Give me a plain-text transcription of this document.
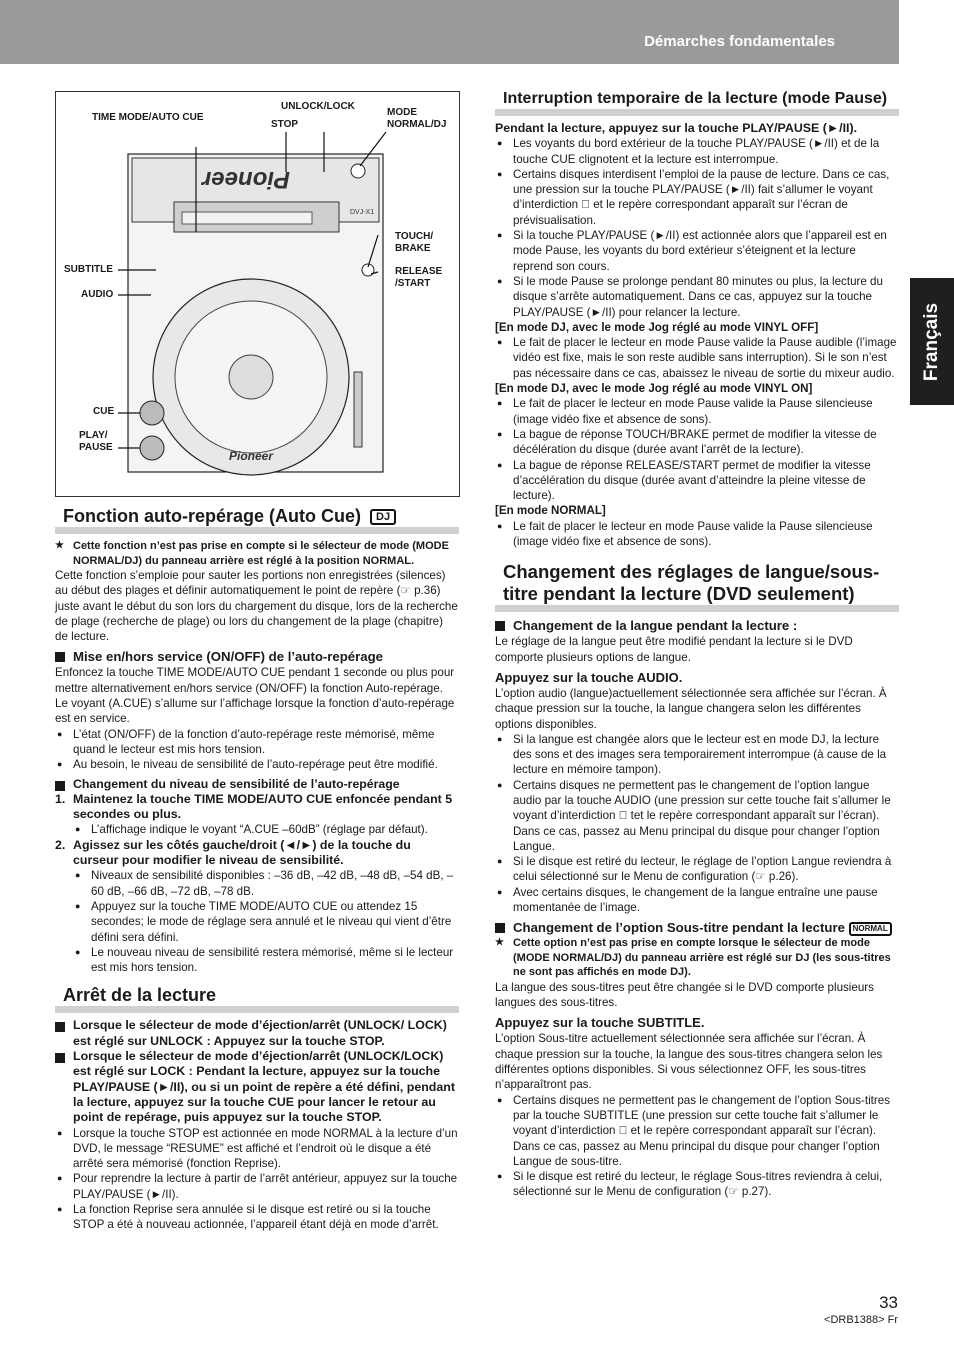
Démarches fondamentales
Français
Pioneer
Pioneer
DVJ-X1
TIME MODE/AUTO CUE
UNLOCK/LOCK
STOP
MODE NORMAL/DJ
TOUCH/ BRAKE
RELEASE /START
SUBTITLE
AUDIO
CUE
PLAY/ PAUSE
Fonction auto-repérage (Auto Cue) DJ

★ Cette fonction n’est pas prise en compte si le sélecteur de mode (MODE NORMAL/DJ) du panneau arrière est réglé à la position NORMAL.

Cette fonction s’emploie pour sauter les portions non enregistrées (silences) au début des plages et définir automatiquement le point de repère (☞ p.36) juste avant le début du son lors du chargement du disque, lors de la recherche de plage (recherche de plage) ou lors du changement de la plage (chapitre) de lecture.

Mise en/hors service (ON/OFF) de l’auto-repérage

Enfoncez la touche TIME MODE/AUTO CUE pendant 1 seconde ou plus pour mettre alternativement en/hors service (ON/OFF) la fonction Auto-repérage. Le voyant (A.CUE) s’allume sur l’affichage lorsque la fonction d’auto-repérage est en service.

● L’état (ON/OFF) de la fonction d’auto-repérage reste mémorisé, même quand le lecteur est mis hors tension.

● Au besoin, le niveau de sensibilité de l’auto-repérage peut être modifié.

Changement du niveau de sensibilité de l’auto-repérage

1. Maintenez la touche TIME MODE/AUTO CUE enfoncée pendant 5 secondes ou plus.

● L’affichage indique le voyant “A.CUE –60dB” (réglage par défaut).

2. Agissez sur les côtés gauche/droit (◄/►) de la touche du curseur pour modifier le niveau de sensibilité.

● Niveaux de sensibilité disponibles : –36 dB, –42 dB, –48 dB, –54 dB, –60 dB, –66 dB, –72 dB, –78 dB.

● Appuyez sur la touche TIME MODE/AUTO CUE ou attendez 15 secondes; le mode de réglage sera annulé et le niveau qui vient d’être défini sera défini.

● Le nouveau niveau de sensibilité restera mémorisé, même si le lecteur est mis hors tension.

Arrêt de la lecture

Lorsque le sélecteur de mode d’éjection/arrêt (UNLOCK/ LOCK) est réglé sur UNLOCK : Appuyez sur la touche STOP.

Lorsque le sélecteur de mode d’éjection/arrêt (UNLOCK/LOCK) est réglé sur LOCK : Pendant la lecture, appuyez sur la touche PLAY/PAUSE (►/II), ou si un point de repère a été défini, pendant la lecture, appuyez sur la touche CUE pour lancer le retour au point de repérage, puis appuyez sur la touche STOP.

● Lorsque la touche STOP est actionnée en mode NORMAL à la lecture d’un DVD, le message “RESUME” est affiché et l’endroit où le disque a été arrêté sera mémorisé (fonction Reprise).

● Pour reprendre la lecture à partir de l’arrêt antérieur, appuyez sur la touche PLAY/PAUSE (►/II).

● La fonction Reprise sera annulée si le disque est retiré ou si la touche STOP a été à nouveau actionnée, l’appareil étant déjà en mode d’arrêt.

Interruption temporaire de la lecture (mode Pause)

Pendant la lecture, appuyez sur la touche PLAY/PAUSE (►/II).

● Les voyants du bord extérieur de la touche PLAY/PAUSE (►/II) et de la touche CUE clignotent et la lecture est interrompue.

● Certains disques interdisent l’emploi de la pause de lecture. Dans ce cas, une pression sur la touche PLAY/PAUSE (►/II) fait s’allumer le voyant d’interdiction ⃠ et le repère correspondant apparaît sur l’écran de prévisualisation.

● Si la touche PLAY/PAUSE (►/II) est actionnée alors que l’appareil est en mode Pause, les voyants du bord extérieur s’éteignent et la lecture reprend son cours.

● Si le mode Pause se prolonge pendant 80 minutes ou plus, la lecture du disque s’arrête automatiquement. Dans ce cas, appuyez sur la touche PLAY/PAUSE (►/II) pour relancer la lecture.

[En mode DJ, avec le mode Jog réglé au mode VINYL OFF]

● Le fait de placer le lecteur en mode Pause valide la Pause audible (l’image vidéo est fixe, mais le son reste audible sans interruption). Si le son n’est pas nécessaire dans ce cas, abaissez le niveau de sortie du mixeur audio.

[En mode DJ, avec le mode Jog réglé au mode VINYL ON]

● Le fait de placer le lecteur en mode Pause valide la Pause silencieuse (image vidéo fixe et absence de sons).

● La bague de réponse TOUCH/BRAKE permet de modifier la vitesse de décélération du disque (durée avant l’arrêt de la lecture).

● La bague de réponse RELEASE/START permet de modifier la vitesse d’accélération du disque (durée avant d’atteindre la pleine vitesse de lecture).

[En mode NORMAL]

● Le fait de placer le lecteur en mode Pause valide la Pause silencieuse (image vidéo fixe et absence de sons).

Changement des réglages de langue/sous-titre pendant la lecture (DVD seulement)

Changement de la langue pendant la lecture :

Le réglage de la langue peut être modifié pendant la lecture si le DVD comporte plusieurs options de langue.

Appuyez sur la touche AUDIO.

L’option audio (langue)actuellement sélectionnée sera affichée sur l’écran. À chaque pression sur la touche, la langue changera selon les différentes options disponibles.

● Si la langue est changée alors que le lecteur est en mode DJ, la lecture des sons et des images sera temporairement interrompue (à cause de la lecture en mémoire tampon).

● Certains disques ne permettent pas le changement de l’option langue audio par la touche AUDIO (une pression sur cette touche fait s’allumer le voyant d’interdiction ⃠ tet le repère correspondant apparaît sur l’écran). Dans ce cas, passez au Menu principal du disque pour changer l’option Langue.

● Si le disque est retiré du lecteur, le réglage de l’option Langue reviendra à celui sélectionné sur le Menu de configuration (☞ p.26).

● Avec certains disques, le changement de la langue entraîne une pause momentanée de l’image.

Changement de l’option Sous-titre pendant la lecture NORMAL

★ Cette option n’est pas prise en compte lorsque le sélecteur de mode (MODE NORMAL/DJ) du panneau arrière est réglé sur DJ (les sous-titres ne sont pas affichés en mode DJ).

La langue des sous-titres peut être changée si le DVD comporte plusieurs langues des sous-titres.

Appuyez sur la touche SUBTITLE.

L’option Sous-titre actuellement sélectionnée sera affichée sur l’écran. À chaque pression sur la touche, la langue des sous-titres changera selon les différentes options disponibles. Si vous sélectionnez OFF, les sous-titres n’apparaîtront pas.

● Certains disques ne permettent pas le changement de l’option Sous-titres par la touche SUBTITLE (une pression sur cette touche fait s’allumer le voyant d’interdiction ⃠ et le repère correspondant apparaît sur l’écran). Dans ce cas, passez au Menu principal du disque pour changer l’option Langue de sous-titre.

● Si le disque est retiré du lecteur, le réglage Sous-titres reviendra à celui, sélectionné sur le Menu de configuration (☞ p.27).

33
<DRB1388> Fr
